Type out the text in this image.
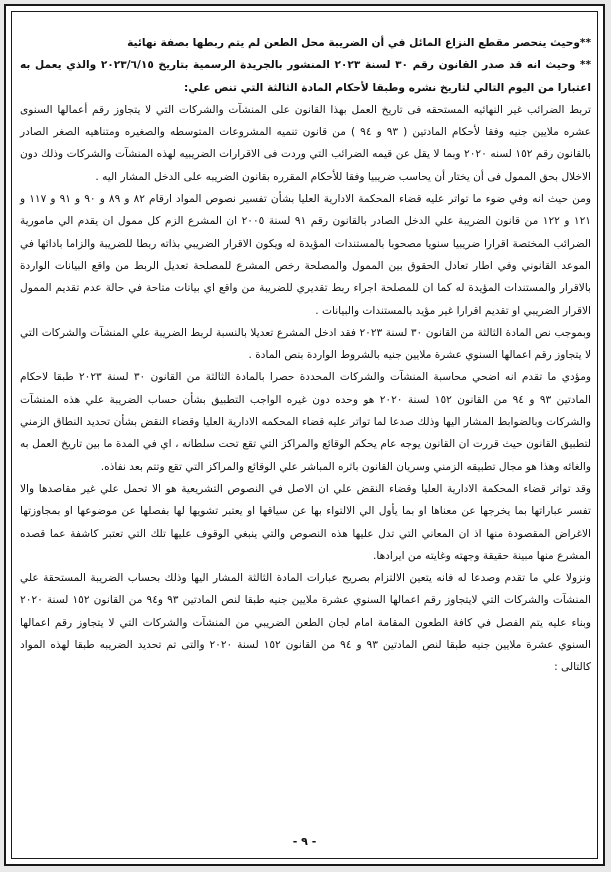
**وحيث ينحصر مقطع النزاع المائل في أن الضريبة محل الطعن لم يتم ربطها بصفة نهائية

** وحيث انه قد صدر القانون رقم ٣٠ لسنة ٢٠٢٣ المنشور بالجريدة الرسمية بتاريخ ٢٠٢٣/٦/١٥ والذي يعمل به اعتبارا من اليوم التالي لتاريخ نشره وطبقا لأحكام المادة الثالثة التي تنص علي:

تربط الضرائب غير النهائيه المستحقه فى تاريخ العمل بهذا القانون على المنشآت والشركات التي لا يتجاوز رقم أعمالها السنوى عشره ملايين جنيه وفقا لأحكام المادتين ( ٩٣ و ٩٤ ) من قانون تنميه المشروعات المتوسطه والصغيره ومتناهيه الصغر الصادر بالقانون رقم ١٥٢ لسنه ٢٠٢٠ وبما لا يقل عن قيمه الضرائب التي وردت فى الاقرارات الضريبيه لهذه المنشآت والشركات وذلك دون الاخلال بحق الممول فى أن يختار أن يحاسب ضريبيا وفقا للأحكام المقرره بقانون الضريبه على الدخل المشار اليه .

ومن حيث انه وفي ضوء ما تواتر عليه قضاء المحكمة الادارية العليا بشأن تفسير نصوص المواد ارقام ٨٢ و ٨٩ و ٩٠ و ٩١ و ١١٧ و ١٢١ و ١٢٢ من قانون الضريبة علي الدخل الصادر بالقانون رقم ٩١ لسنة ٢٠٠٥ ان المشرع الزم كل ممول ان يقدم الي مامورية الضرائب المختصة اقرارا ضريبيا سنويا مصحوبا بالمستندات المؤيدة له ويكون الاقرار الضريبي بذاته ربطا للضريبة والزاما بادائها في الموعد القانوني وفي اطار تعادل الحقوق بين الممول والمصلحة رخص المشرع للمصلحة تعديل الربط من واقع البيانات الواردة بالاقرار والمستندات المؤيدة له كما ان للمصلحة اجراء ربط تقديري للضريبة من واقع اي بيانات متاحة في حالة عدم تقديم الممول الاقرار الضريبي او تقديم اقرارا غير مؤيد بالمستندات والبيانات .

وبموجب نص المادة الثالثة من القانون ٣٠ لسنة ٢٠٢٣ فقد ادخل المشرع تعديلا بالنسبة لربط الضريبة علي المنشآت والشركات التي لا يتجاوز رقم اعمالها السنوي عشرة ملايين جنيه بالشروط الواردة بنص المادة .

ومؤدي ما تقدم انه اضحي محاسبة المنشآت والشركات المحددة حصرا بالمادة الثالثة من القانون ٣٠ لسنة ٢٠٢٣ طبقا لاحكام المادتين ٩٣ و ٩٤ من القانون ١٥٢ لسنة ٢٠٢٠ هو وحده دون غيره الواجب التطبيق بشأن حساب الضريبة علي هذه المنشآت والشركات وبالضوابط المشار اليها وذلك صدعا لما تواتر عليه قضاء المحكمه الادارية العليا وقضاء النقض بشأن تحديد النطاق الزمني لتطبيق القانون حيث قررت ان القانون يوجه عام يحكم الوقائع والمراكز التي تقع تحت سلطانه ، اي في المدة ما بين تاريخ العمل به والغائه وهذا هو مجال تطبيقه الزمني وسريان القانون باثره المباشر علي الوقائع والمراكز التي تقع وتتم بعد نفاذه.

وقد تواتر قضاء المحكمة الادارية العليا وقضاء النقض علي ان الاصل في النصوص التشريعية هو الا تحمل علي غير مقاصدها والا تفسر عباراتها بما يخرجها عن معناها او بما يأول الي الالتواء بها عن سياقها او يعتبر تشويها لها بفصلها عن موضوعها او بمجاوزتها الاغراض المقصودة منها اذ ان المعاني التي تدل عليها هذه النصوص والتي ينبغي الوقوف عليها تلك التي تعتبر كاشفة عما قصده المشرع منها مبينة حقيقة وجهته وغايته من ايرادها.

ونزولا علي ما تقدم وصدعا له فانه يتعين الالتزام بصريح عبارات المادة الثالثة المشار اليها وذلك بحساب الضريبة المستحقة علي المنشآت والشركات التي لايتجاوز رقم اعمالها السنوي عشرة ملايين جنيه طبقا لنص المادتين ٩٣ و٩٤ من القانون ١٥٢ لسنة ٢٠٢٠ وبناء عليه يتم الفصل في كافة الطعون المقامة امام لجان الطعن الضريبي من المنشآت والشركات التي لا يتجاوز رقم اعمالها السنوي عشرة ملايين جنيه طبقا لنص المادتين ٩٣ و ٩٤ من القانون ١٥٢ لسنة ٢٠٢٠ والتى تم تحديد الضريبه طبقا لهذه المواد كالتالى :

- ٩ -
